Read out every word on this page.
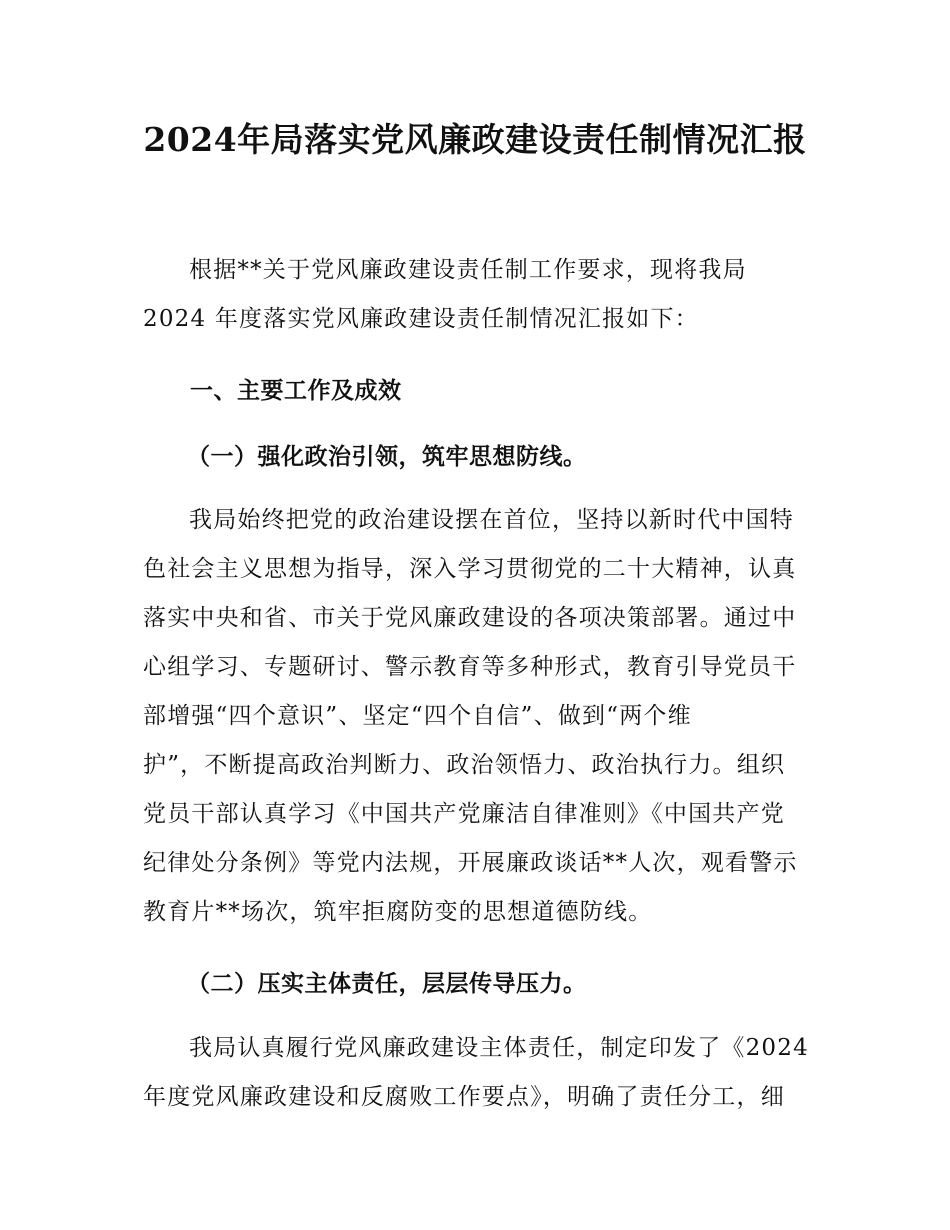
2024年局落实党风廉政建设责任制情况汇报
根据**关于党风廉政建设责任制工作要求，现将我局
2024 年度落实党风廉政建设责任制情况汇报如下：
一、主要工作及成效
（一）强化政治引领，筑牢思想防线。
我局始终把党的政治建设摆在首位，坚持以新时代中国特
色社会主义思想为指导，深入学习贯彻党的二十大精神，认真
落实中央和省、市关于党风廉政建设的各项决策部署。通过中
心组学习、专题研讨、警示教育等多种形式，教育引导党员干
部增强“四个意识”、坚定“四个自信”、做到“两个维
护”，不断提高政治判断力、政治领悟力、政治执行力。组织
党员干部认真学习《中国共产党廉洁自律准则》《中国共产党
纪律处分条例》等党内法规，开展廉政谈话**人次，观看警示
教育片**场次，筑牢拒腐防变的思想道德防线。
（二）压实主体责任，层层传导压力。
我局认真履行党风廉政建设主体责任，制定印发了《2024
年度党风廉政建设和反腐败工作要点》，明确了责任分工，细
